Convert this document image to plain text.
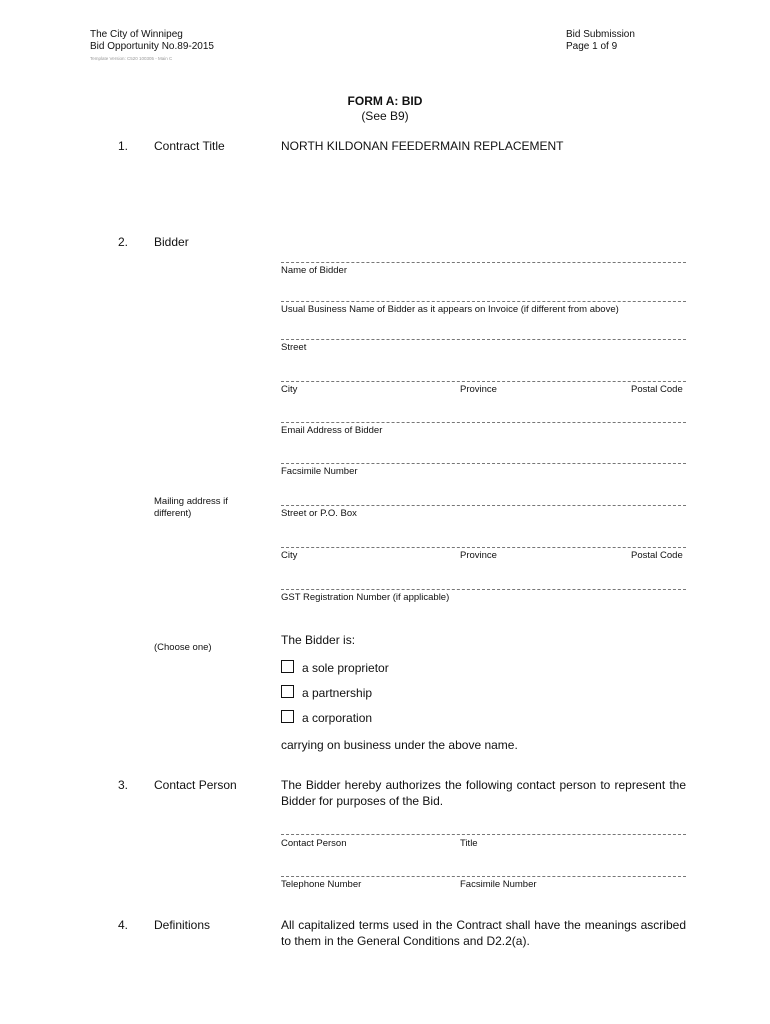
The City of Winnipeg
Bid Opportunity No.89-2015
Template Version: C520 100305 - Main C
Bid Submission
Page 1 of 9
FORM A: BID
(See B9)
1. Contract Title	NORTH KILDONAN FEEDERMAIN REPLACEMENT
2. Bidder
Name of Bidder
Usual Business Name of Bidder as it appears on Invoice (if different from above)
Street
City	Province	Postal Code
Email Address of Bidder
Facsimile Number
Mailing address if
different)	Street or P.O. Box
City	Province	Postal Code
GST Registration Number (if applicable)
(Choose one)
The Bidder is:
a sole proprietor
a partnership
a corporation
carrying on business under the above name.
3. Contact Person	The Bidder hereby authorizes the following contact person to represent the Bidder for purposes of the Bid.
Contact Person	Title
Telephone Number	Facsimile Number
4. Definitions	All capitalized terms used in the Contract shall have the meanings ascribed to them in the General Conditions and D2.2(a).
